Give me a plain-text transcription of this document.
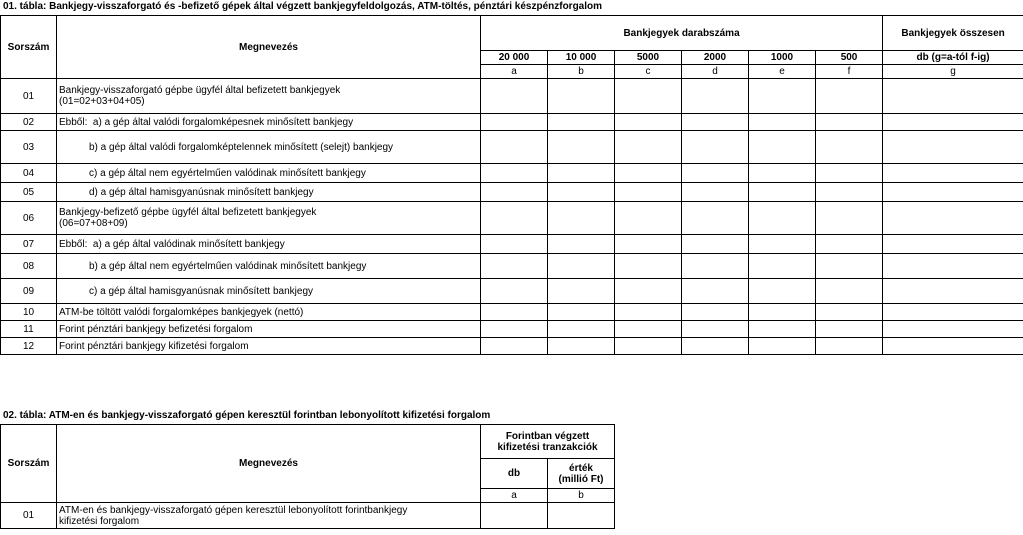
01. tábla: Bankjegy-visszaforgató és -befizető gépek által végzett bankjegyfeldolgozás, ATM-töltés, pénztári készpénzforgalom
Sorszám	Megnevezés	Bankjegyek darabszáma						Bankjegyek összesen
		20 000	10 000	5000	2000	1000	500	db (g=a-tól f-ig)
		a	b	c	d	e	f	g
01	Bankjegy-visszaforgató gépbe ügyfél által befizetett bankjegyek
(01=02+03+04+05)							

02	Ebből:  a) a gép által valódi forgalomképesnek minősített bankjegy							

03	b) a gép által valódi forgalomképtelennek minősített (selejt) bankjegy							

04	c) a gép által nem egyértelműen valódinak minősített bankjegy							

05	d) a gép által hamisgyanúsnak minősített bankjegy							

06	Bankjegy-befizető gépbe ügyfél által befizetett bankjegyek
(06=07+08+09)							

07	Ebből:  a) a gép által valódinak minősített bankjegy							

08	b) a gép által nem egyértelműen valódinak minősített bankjegy							

09	c) a gép által hamisgyanúsnak minősített bankjegy							

10	ATM-be töltött valódi forgalomképes bankjegyek (nettó)							

11	Forint pénztári bankjegy befizetési forgalom							

12	Forint pénztári bankjegy kifizetési forgalom							

02. tábla: ATM-en és bankjegy-visszaforgató gépen keresztül forintban lebonyolított kifizetési forgalom
Sorszám	Megnevezés	Forintban végzett
kifizetési tranzakciók	

		db	érték
(millió Ft)

		a	b
01	ATM-en és bankjegy-visszaforgató gépen keresztül lebonyolított forintbankjegy
kifizetési forgalom		
